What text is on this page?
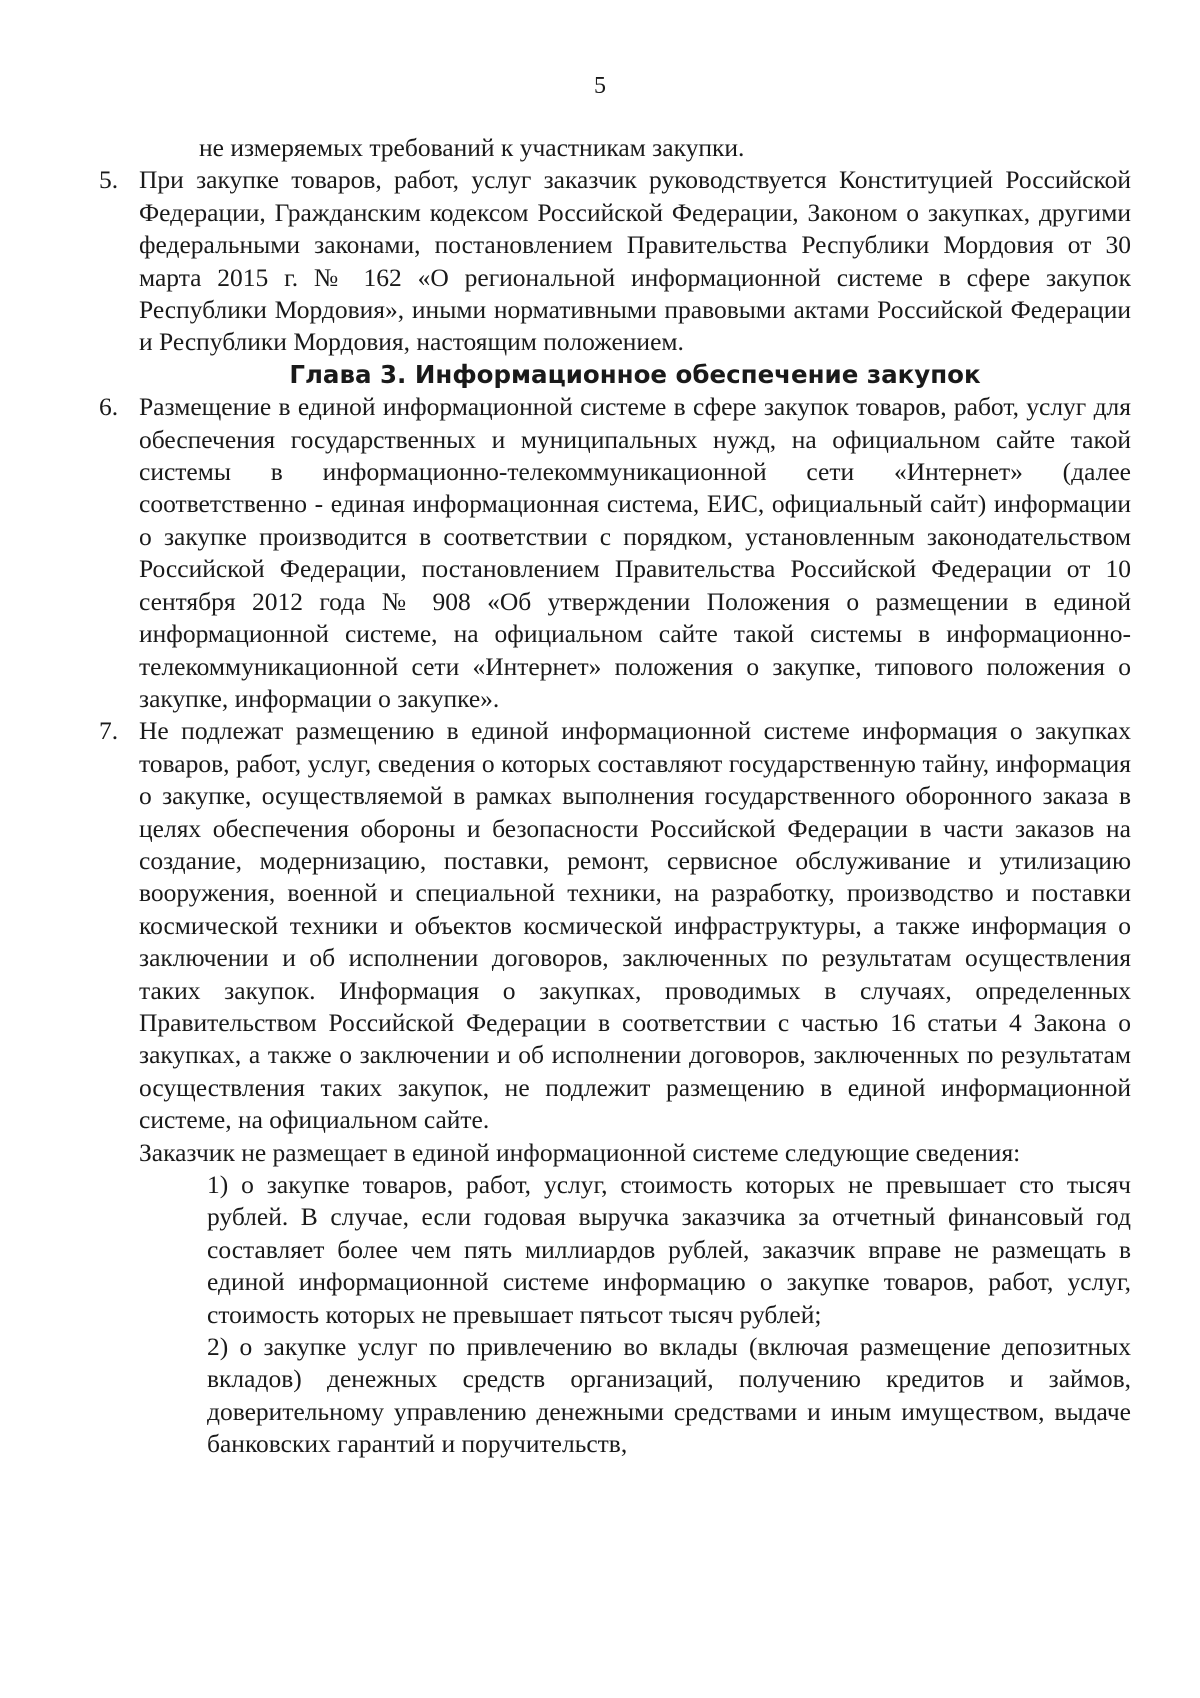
5
не измеряемых требований к участникам закупки.
5. При закупке товаров, работ, услуг заказчик руководствуется Конституцией Российской Федерации, Гражданским кодексом Российской Федерации, Законом о закупках, другими федеральными законами, постановлением Правительства Республики Мордовия от 30 марта 2015 г. № 162 «О региональной информационной системе в сфере закупок Республики Мордовия», иными нормативными правовыми актами Российской Федерации и Республики Мордовия, настоящим положением.
Глава 3. Информационное обеспечение закупок
6. Размещение в единой информационной системе в сфере закупок товаров, работ, услуг для обеспечения государственных и муниципальных нужд, на официальном сайте такой системы в информационно-телекоммуникационной сети «Интернет» (далее соответственно - единая информационная система, ЕИС, официальный сайт) информации о закупке производится в соответствии с порядком, установленным законодательством Российской Федерации, постановлением Правительства Российской Федерации от 10 сентября 2012 года № 908 «Об утверждении Положения о размещении в единой информационной системе, на официальном сайте такой системы в информационно-телекоммуникационной сети «Интернет» положения о закупке, типового положения о закупке, информации о закупке».
7. Не подлежат размещению в единой информационной системе информация о закупках товаров, работ, услуг, сведения о которых составляют государственную тайну, информация о закупке, осуществляемой в рамках выполнения государственного оборонного заказа в целях обеспечения обороны и безопасности Российской Федерации в части заказов на создание, модернизацию, поставки, ремонт, сервисное обслуживание и утилизацию вооружения, военной и специальной техники, на разработку, производство и поставки космической техники и объектов космической инфраструктуры, а также информация о заключении и об исполнении договоров, заключенных по результатам осуществления таких закупок. Информация о закупках, проводимых в случаях, определенных Правительством Российской Федерации в соответствии с частью 16 статьи 4 Закона о закупках, а также о заключении и об исполнении договоров, заключенных по результатам осуществления таких закупок, не подлежит размещению в единой информационной системе, на официальном сайте.
Заказчик не размещает в единой информационной системе следующие сведения:
1) о закупке товаров, работ, услуг, стоимость которых не превышает сто тысяч рублей. В случае, если годовая выручка заказчика за отчетный финансовый год составляет более чем пять миллиардов рублей, заказчик вправе не размещать в единой информационной системе информацию о закупке товаров, работ, услуг, стоимость которых не превышает пятьсот тысяч рублей;
2) о закупке услуг по привлечению во вклады (включая размещение депозитных вкладов) денежных средств организаций, получению кредитов и займов, доверительному управлению денежными средствами и иным имуществом, выдаче банковских гарантий и поручительств,
